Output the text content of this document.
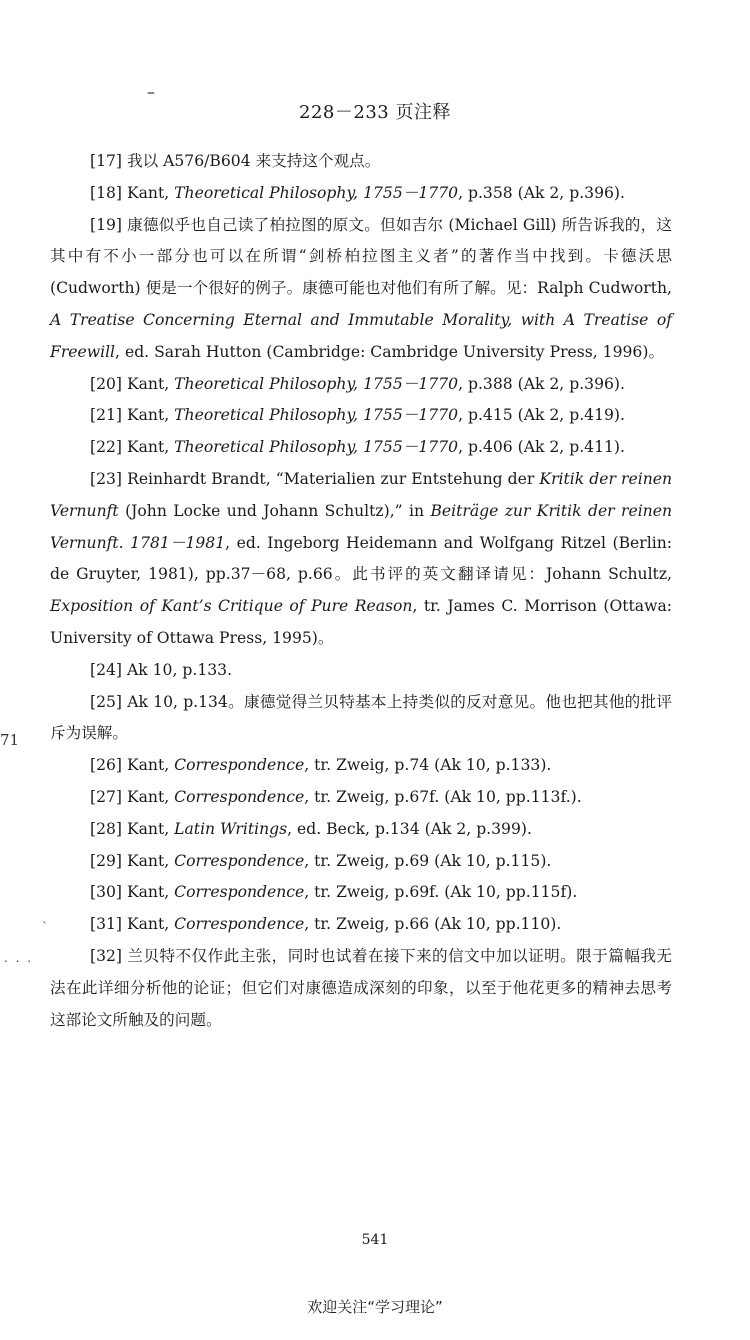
–
228－233 页注释

[17] 我以 A576/B604 来支持这个观点。

[18] Kant, Theoretical Philosophy, 1755－1770, p.358 (Ak 2, p.396).

[19] 康德似乎也自己读了柏拉图的原文。但如吉尔 (Michael Gill) 所告诉我的，这其中有不小一部分也可以在所谓“剑桥柏拉图主义者”的著作当中找到。卡德沃思 (Cudworth) 便是一个很好的例子。康德可能也对他们有所了解。见：Ralph Cudworth, A Treatise Concerning Eternal and Immutable Morality, with A Treatise of Freewill, ed. Sarah Hutton (Cambridge: Cambridge University Press, 1996)。

[20] Kant, Theoretical Philosophy, 1755－1770, p.388 (Ak 2, p.396).

[21] Kant, Theoretical Philosophy, 1755－1770, p.415 (Ak 2, p.419).

[22] Kant, Theoretical Philosophy, 1755－1770, p.406 (Ak 2, p.411).

[23] Reinhardt Brandt, “Materialien zur Entstehung der Kritik der reinen Vernunft (John Locke und Johann Schultz),” in Beiträge zur Kritik der reinen Vernunft. 1781－1981, ed. Ingeborg Heidemann and Wolfgang Ritzel (Berlin: de Gruyter, 1981), pp.37－68, p.66。此书评的英文翻译请见：Johann Schultz, Exposition of Kant’s Critique of Pure Reason, tr. James C. Morrison (Ottawa: University of Ottawa Press, 1995)。

[24] Ak 10, p.133.

[25] Ak 10, p.134。康德觉得兰贝特基本上持类似的反对意见。他也把其他的批评斥为误解。

[26] Kant, Correspondence, tr. Zweig, p.74 (Ak 10, p.133).

[27] Kant, Correspondence, tr. Zweig, p.67f. (Ak 10, pp.113f.).

[28] Kant, Latin Writings, ed. Beck, p.134 (Ak 2, p.399).

[29] Kant, Correspondence, tr. Zweig, p.69 (Ak 10, p.115).

[30] Kant, Correspondence, tr. Zweig, p.69f. (Ak 10, pp.115f).

[31] Kant, Correspondence, tr. Zweig, p.66 (Ak 10, pp.110).

[32] 兰贝特不仅作此主张，同时也试着在接下来的信文中加以证明。限于篇幅我无法在此详细分析他的论证；但它们对康德造成深刻的印象，以至于他花更多的精神去思考这部论文所触及的问题。

71
`
. . .
541
欢迎关注“学习理论”
